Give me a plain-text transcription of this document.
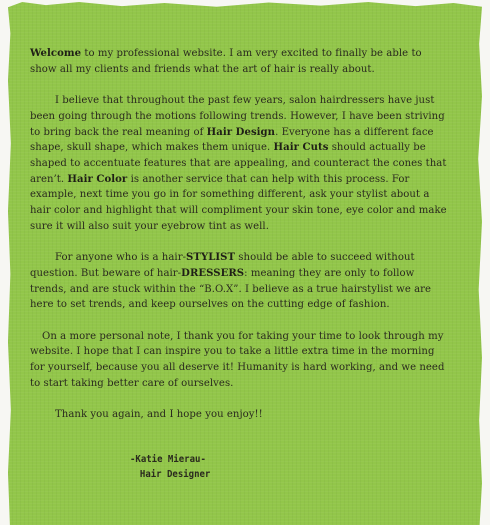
Welcome to my professional website. I am very excited to finally be able to show all my clients and friends what the art of hair is really about.

I believe that throughout the past few years, salon hairdressers have just been going through the motions following trends. However, I have been striving to bring back the real meaning of Hair Design. Everyone has a different face shape, skull shape, which makes them unique. Hair Cuts should actually be shaped to accentuate features that are appealing, and counteract the cones that aren’t. Hair Color is another service that can help with this process. For example, next time you go in for something different, ask your stylist about a hair color and highlight that will compliment your skin tone, eye color and make sure it will also suit your eyebrow tint as well.

For anyone who is a hair-STYLIST should be able to succeed without question. But beware of hair-DRESSERS: meaning they are only to follow trends, and are stuck within the “B.O.X”. I believe as a true hairstylist we are here to set trends, and keep ourselves on the cutting edge of fashion.

On a more personal note, I thank you for taking your time to look through my website. I hope that I can inspire you to take a little extra time in the morning for yourself, because you all deserve it! Humanity is hard working, and we need to start taking better care of ourselves.

Thank you again, and I hope you enjoy!!

-Katie Mierau-
Hair Designer
